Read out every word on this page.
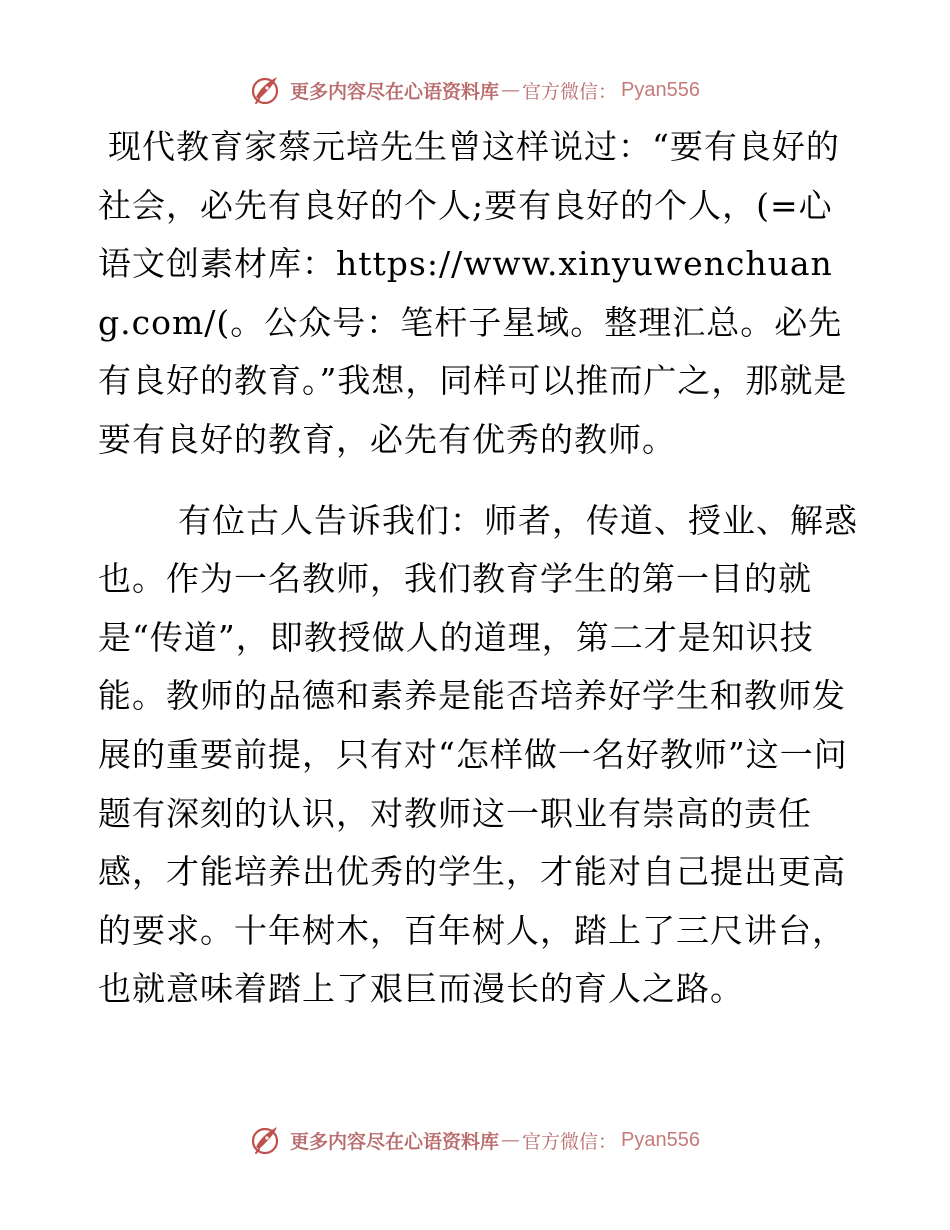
更多内容尽在心语资料库 — 官方微信： Pyan556

现代教育家蔡元培先生曾这样说过：“要有良好的社会，必先有良好的个人;要有良好的个人，(=心语文创素材库：https://www.xinyuwenchuang.com/(。公众号：笔杆子星域。整理汇总。必先有良好的教育。”我想，同样可以推而广之，那就是要有良好的教育，必先有优秀的教师。

有位古人告诉我们：师者，传道、授业、解惑也。作为一名教师，我们教育学生的第一目的就是“传道”，即教授做人的道理，第二才是知识技能。教师的品德和素养是能否培养好学生和教师发展的重要前提，只有对“怎样做一名好教师”这一问题有深刻的认识，对教师这一职业有崇高的责任感，才能培养出优秀的学生，才能对自己提出更高的要求。十年树木，百年树人，踏上了三尺讲台，也就意味着踏上了艰巨而漫长的育人之路。

更多内容尽在心语资料库 — 官方微信： Pyan556
